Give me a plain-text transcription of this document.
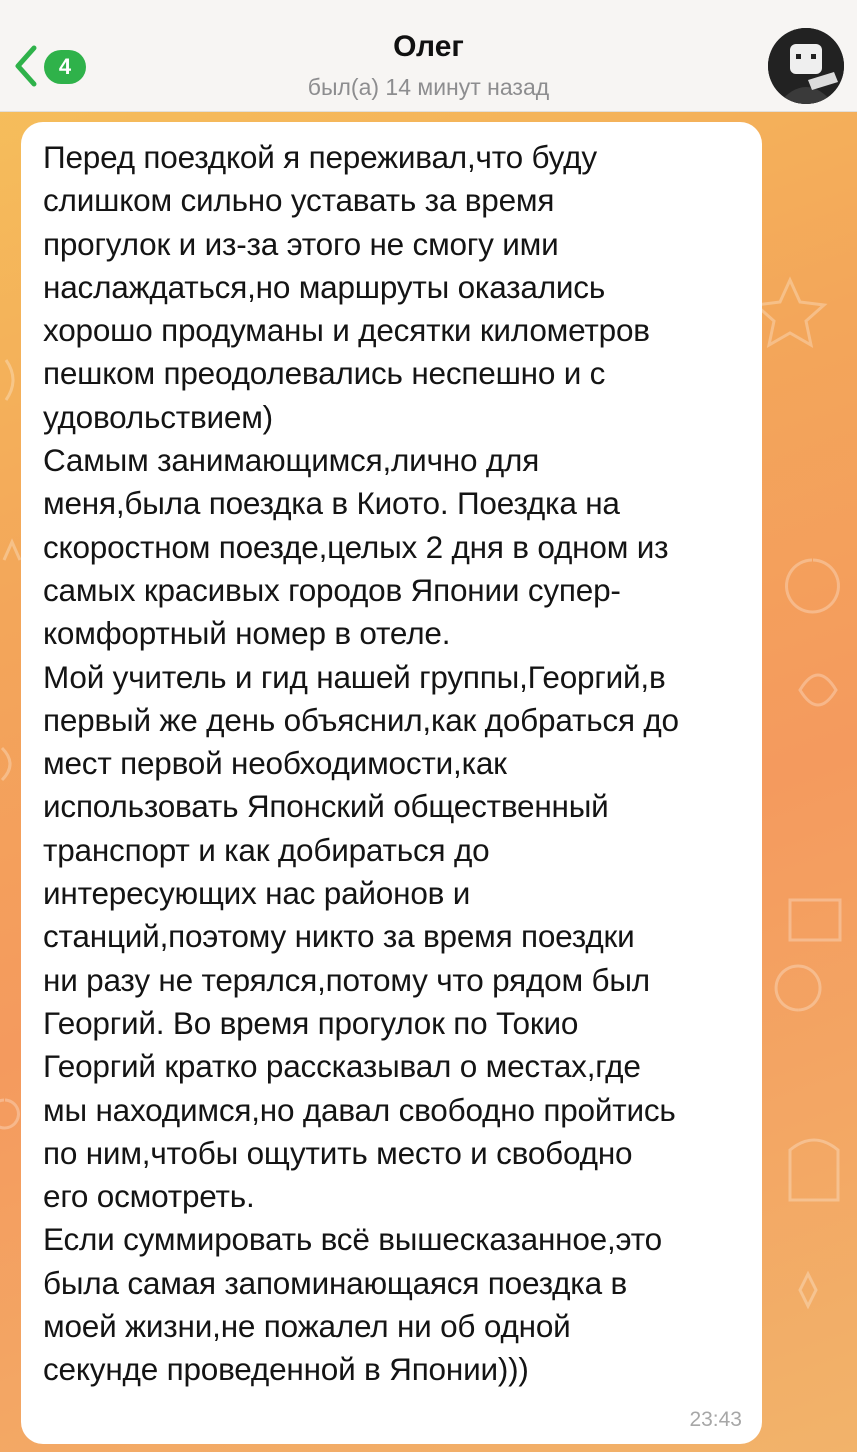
4
Олег
был(а) 14 минут назад
Перед поездкой я переживал,что буду
слишком сильно уставать за время
прогулок и из-за этого не смогу ими
наслаждаться,но маршруты оказались
хорошо продуманы и десятки километров
пешком преодолевались неспешно и с
удовольствием)
Самым занимающимся,лично для
меня,была поездка в Киото. Поездка на
скоростном поезде,целых 2 дня в одном из
самых красивых городов Японии супер-
комфортный номер в отеле.
Мой учитель и гид нашей группы,Георгий,в
первый же день объяснил,как добраться до
мест первой необходимости,как
использовать Японский общественный
транспорт и как добираться до
интересующих нас районов и
станций,поэтому никто за время поездки
ни разу не терялся,потому что рядом был
Георгий. Во время прогулок по Токио
Георгий кратко рассказывал о местах,где
мы находимся,но давал свободно пройтись
по ним,чтобы ощутить место и свободно
его осмотреть.
Если суммировать всё вышесказанное,это
была самая запоминающаяся поездка в
моей жизни,не пожалел ни об одной
секунде проведенной в Японии)))
23:43
